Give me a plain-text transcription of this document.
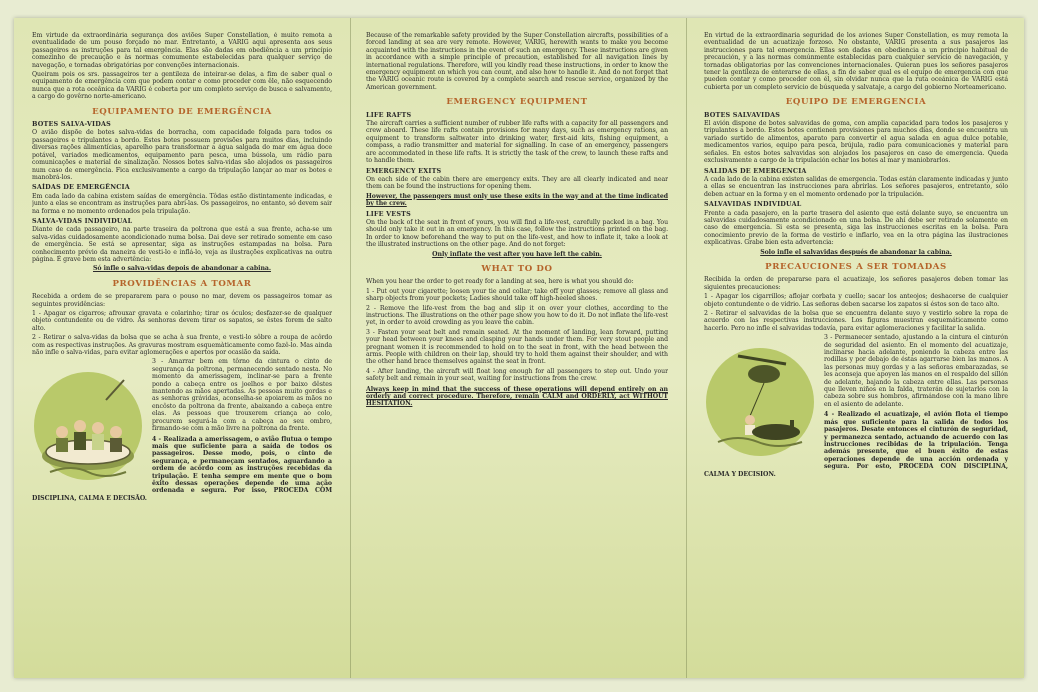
Em virtude da extraordinária segurança dos aviões Super Constellation, é muito remota a eventualidade de um pouso forçado no mar. Entretanto, a VARIG aqui apresenta aos seus passageiros as instruções para tal emergência. Elas são dadas em obediência a um princípio comezinho de precaução e às normas comumente estabelecidas para qualquer serviço de navegação, e tornadas obrigatórias por convenções internacionais.

Queiram pois os srs. passageiros ter a gentileza de inteirar-se delas, a fim de saber qual o equipamento de emergência com que podem contar e como proceder com êle, não esquecendo nunca que a rota oceânica da VARIG é coberta por um completo serviço de busca e salvamento, a cargo do govêrno norte-americano.

EQUIPAMENTO DE EMERGÊNCIA
BOTES SALVA-VIDAS

O avião dispõe de botes salva-vidas de borracha, com capacidade folgada para todos os passageiros e tripulantes a bordo. Estes botes possuem provisões para muitos dias, incluindo diversas rações alimentícias, aparelho para transformar a água salgada do mar em água doce potável, variados medicamentos, equipamento para pesca, uma bússola, um rádio para comunicações e material de sinalização. Nossos botes salva-vidas são alojados os passageiros num caso de emergência. Fica exclusivamente a cargo da tripulação lançar ao mar os botes e manobrá-los.

SAÍDAS DE EMERGÊNCIA

Em cada lado da cabina existem saídas de emergência. Tôdas estão distintamente indicadas, e junto a elas se encontram as instruções para abri-las. Os passageiros, no entanto, só devem sair na forma e no momento ordenados pela tripulação.

SALVA-VIDAS INDIVIDUAL

Diante de cada passageiro, na parte traseira da poltrona que está a sua frente, acha-se um salva-vidas cuidadosamente acondicionado numa bolsa. Dai deve ser retirado somente em caso de emergência. Se está se apresentar, siga as instruções estampadas na bolsa. Para conhecimento prévio da maneira de vesti-lo e inflá-lo, veja as ilustrações explicativas na outra página. É grave bem esta advertência:

Só infle o salva-vidas depois de abandonar a cabina.

PROVIDÊNCIAS A TOMAR

Recebida a ordem de se prepararem para o pouso no mar, devem os passageiros tomar as seguintes providências:

1 - Apagar os cigarros; afrouxar gravata e colarinho; tirar os óculos; desfazer-se de qualquer objeto contundente ou de vidro. As senhoras devem tirar os sapatos, se êstes forem de salto alto.

2 - Retirar o salva-vidas da bolsa que se acha à sua frente, e vesti-lo sôbre a roupa de acôrdo com as respectivas instruções. As gravuras mostram esquemàticamente como fazê-lo. Mas ainda não infle o salva-vidas, para evitar aglomerações e apertos por ocasião da saída.

3 - Amarrar bem em tôrno da cintura o cinto de segurança da poltrona, permanecendo sentado nesta. No momento da amerissagem, inclinar-se para a frente pondo a cabeça entre os joelhos e por baixo dêstes mantendo as mãos apertadas. As pessoas muito gordas e as senhoras grávidas, aconselha-se apoiarem as mãos no encôsto da poltrona da frente, abaixando a cabeça entre elas. As pessoas que trouxerem criança ao colo, procurem segurá-la com a cabeça ao seu ombro, firmando-se com a mão livre na poltrona da frente.

4 - Realizada a amerissagem, o avião flutua o tempo mais que suficiente para a saída de todos os passageiros. Desse modo, pois, o cinto de segurança, e permaneçam sentados, aguardando a ordem de acôrdo com as instruções recebidas da tripulação. E tenha sempre em mente que o bom êxito dessas operações depende de uma ação ordenada e segura. Por isso, PROCEDA COM DISCIPLINA, CALMA E DECISÃO.

Because of the remarkable safety provided by the Super Constellation aircrafts, possibilities of a forced landing at sea are very remote. However, VARIG, herewith wants to make you become acquainted with the instructions in the event of such an emergency. These instructions are given in accordance with a simple principle of precaution, established for all navigation lines by international regulations. Therefore, will you kindly read these instructions, in order to know the emergency equipment on which you can count, and also how to handle it. And do not forget that the VARIG oceanic route is covered by a complete search and rescue service, organized by the American government.

EMERGENCY EQUIPMENT
LIFE RAFTS

The aircraft carries a sufficient number of rubber life rafts with a capacity for all passengers and crew aboard. These life rafts contain provisions for many days, such as emergency rations, an equipment to transform saltwater into drinking water, first-aid kits, fishing equipment, a compass, a radio transmitter and material for signalling. In case of an emergency, passengers are accommodated in these life rafts. It is strictly the task of the crew, to launch these rafts and to handle them.

EMERGENCY EXITS

On each side of the cabin there are emergency exits. They are all clearly indicated and near them can be found the instructions for opening them.

However, the passengers must only use these exits in the way and at the time indicated by the crew.

LIFE VESTS

On the back of the seat in front of yours, you will find a life-vest, carefully packed in a bag. You should only take it out in an emergency. In this case, follow the instructions printed on the bag. In order to know beforehand the way to put on the life-vest, and how to inflate it, take a look at the illustrated instructions on the other page. And do not forget:

Only inflate the vest after you have left the cabin.

WHAT TO DO

When you hear the order to get ready for a landing at sea, here is what you should do:

1 - Put out your cigarette; loosen your tie and collar; take off your glasses; remove all glass and sharp objects from your pockets; Ladies should take off high-heeled shoes.

2 - Remove the life-vest from the bag and slip it on over your clothes, according to the instructions. The illustrations on the other page show you how to do it. Do not inflate the life-vest yet, in order to avoid crowding as you leave the cabin.

3 - Fasten your seat belt and remain seated. At the moment of landing, lean forward, putting your head between your knees and clasping your hands under them. For very stout people and pregnant women it is recommended to hold on to the seat in front, with the head between the arms. People with children on their lap, should try to hold them against their shoulder, and with the other hand brace themselves against the seat in front.

4 - After landing, the aircraft will float long enough for all passengers to step out. Undo your safety belt and remain in your seat, waiting for instructions from the crew.

Always keep in mind that the success of these operations will depend entirely on an orderly and correct procedure. Therefore, remain CALM and ORDERLY, act WITHOUT HESITATION.

En virtud de la extraordinaria seguridad de los aviones Super Constellation, es muy remota la eventualidad de un acuatizaje forzoso. No obstante, VARIG presenta a sus pasajeros las instrucciones para tal emergencia. Ellas son dadas en obediencia a un principio habitual de precaución, y a las normas comúnmente establecidas para cualquier servicio de navegación, y tornadas obligatorias por las convenciones internacionales. Quieran pues los señores pasajeros tener la gentileza de enterarse de ellas, a fin de saber qual es el equipo de emergencia con que pueden contar y como proceder con él, sin olvidar nunca que la ruta oceánica de VARIG está cubierta por un completo servicio de búsqueda y salvataje, a cargo del gobierno Norteamericano.

EQUIPO DE EMERGENCIA
BOTES SALVAVIDAS

El avión dispone de botes salvavidas de goma, con amplia capacidad para todos los pasajeros y tripulantes a bordo. Estos botes contienen provisiones para muchos días, donde se encuentra un variado surtido de alimentos, aparato para convertir el agua salada en agua dulce potable, medicamentos varios, equipo para pesca, brújula, radio para comunicaciones y material para señales. En estos botes salvavidas son alojados los pasajeros en caso de emergencia. Queda exclusivamente a cargo de la tripulación echar los botes al mar y maniobrarlos.

SALIDAS DE EMERGENCIA

A cada lado de la cabina existen salidas de emergencia. Todas están claramente indicadas y junto a ellas se encuentran las instrucciones para abrirlas. Los señores pasajeros, entretanto, sólo deben actuar en la forma y en el momento ordenado por la tripulación.

SALVAVIDAS INDIVIDUAL

Frente a cada pasajero, en la parte trasera del asiento que está delante suyo, se encuentra un salvavidas cuidadosamente acondicionado en una bolsa. De ahí debe ser retirado solamente en caso de emergencia. Si esta se presenta, siga las instrucciones escritas en la bolsa. Para conocimiento previo de la forma de vestirlo e inflarlo, vea en la otra página las ilustraciones explicativas. Grabe bien esta advertencia:

Solo infle el salvavidas después de abandonar la cabina.

PRECAUCIONES A SER TOMADAS

Recibida la orden de prepararse para el acuatizaje, los señores pasajeros deben tomar las siguientes precauciones:

1 - Apagar los cigarrillos; aflojar corbata y cuello; sacar los anteojos; deshacerse de cualquier objeto contundente o de vidrio. Las señoras deben sacarse los zapatos si éstos son de taco alto.

2 - Retirar el salvavidas de la bolsa que se encuentra delante suyo y vestirlo sobre la ropa de acuerdo con las respectivas instrucciones. Los figuras muestran esquemáticamente como hacerlo. Pero no infle el salvavidas todavía, para evitar aglomeraciones y facilitar la salida.

3 - Permanecer sentado, ajustando a la cintura el cinturón de seguridad del asiento. En el momento del acuatizaje, inclinarse hacia adelante, poniendo la cabeza entre las rodillas y por debajo de éstas agarrarse bien las manos. A las personas muy gordas y a las señoras embarazadas, se les aconseja que apoyen las manos en el respaldo del sillón de adelante, bajando la cabeza entre ellas. Las personas que lleven niños en la falda, traterán de sujetarlos con la cabeza sobre sus hombros, afirmándose con la mano libre en el asiento de adelante.

4 - Realizado el acuatizaje, el avión flota el tiempo más que suficiente para la salida de todos los pasajeros. Desate entonces el cinturón de seguridad, y permanezca sentado, actuando de acuerdo con las instrucciones recibidas de la tripulación. Tenga además presente, que el buen éxito de estas operaciones depende de una acción ordenada y segura. Por esto, PROCEDA CON DISCIPLINA, CALMA Y DECISION.
